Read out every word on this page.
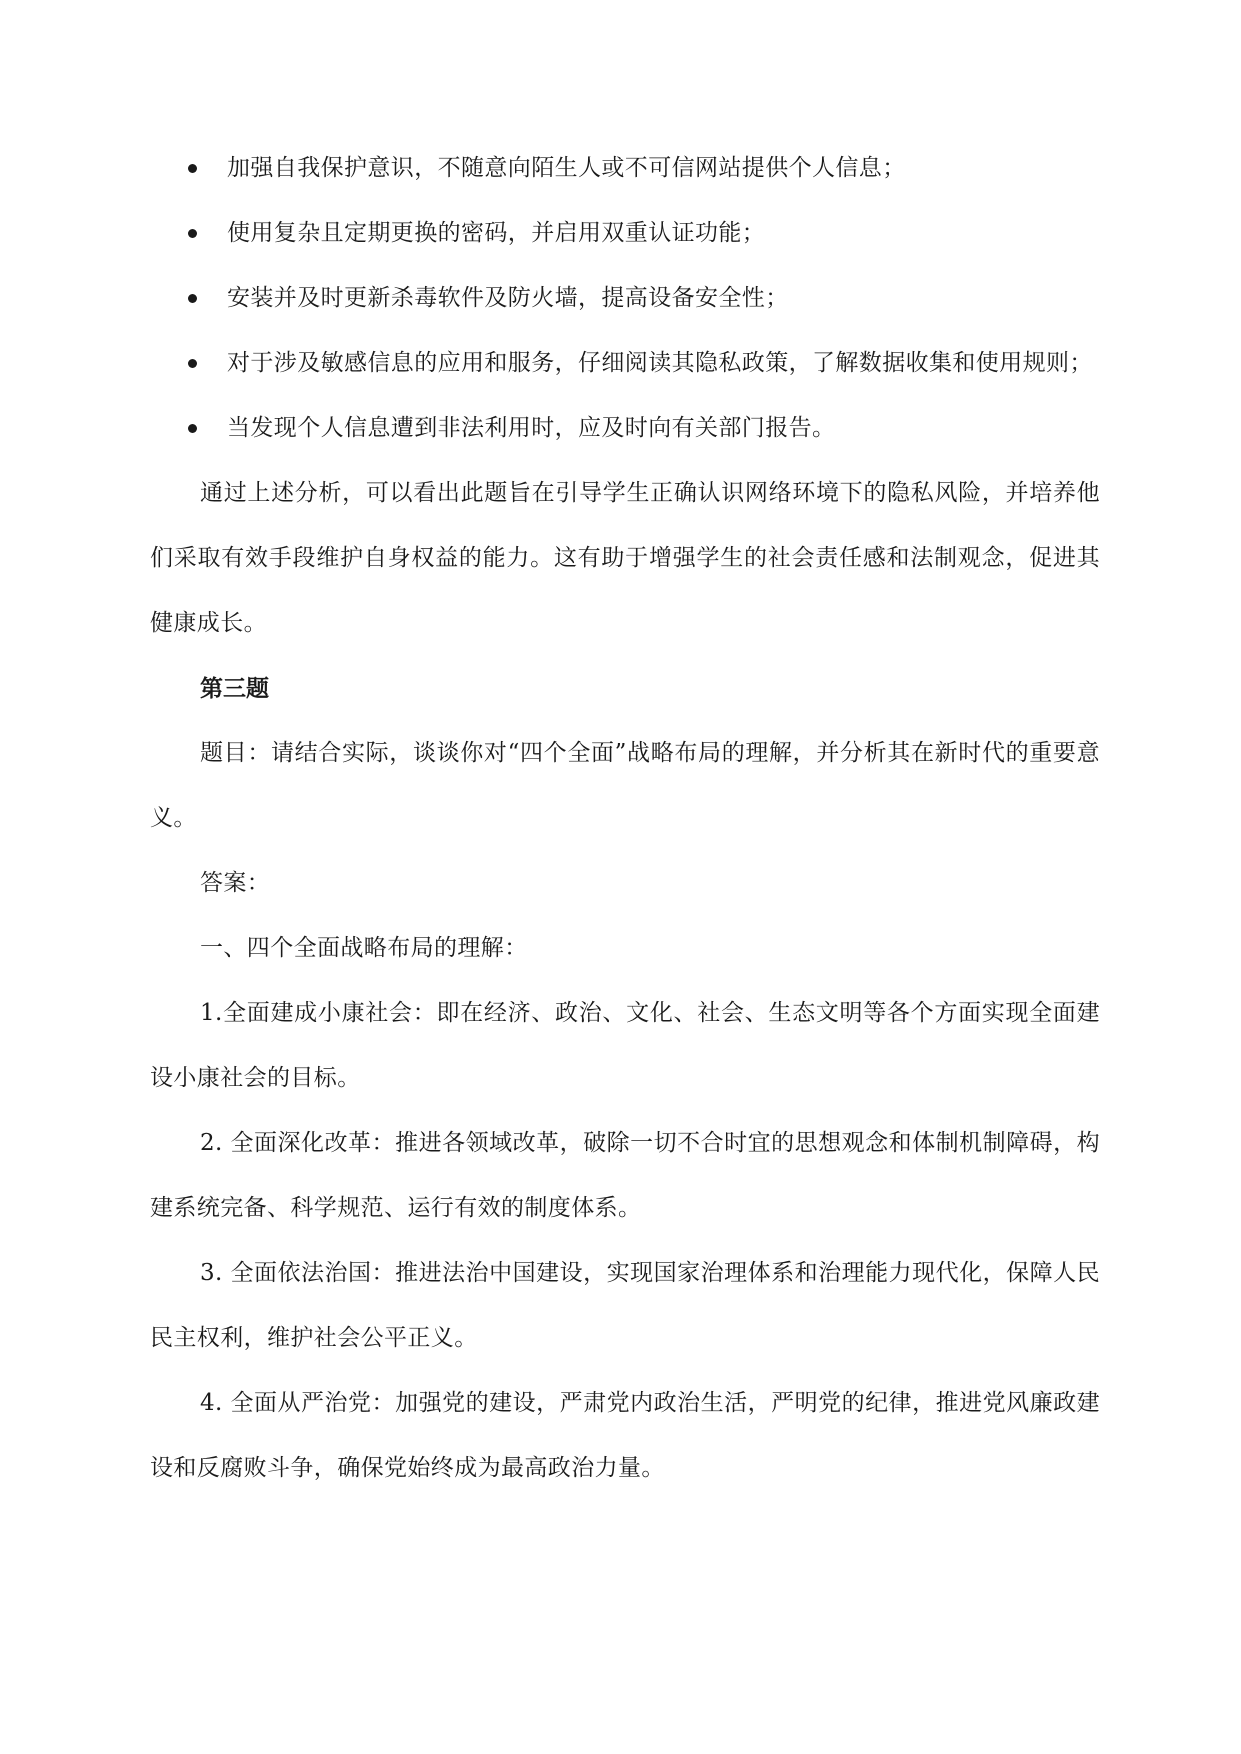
加强自我保护意识，不随意向陌生人或不可信网站提供个人信息；
使用复杂且定期更换的密码，并启用双重认证功能；
安装并及时更新杀毒软件及防火墙，提高设备安全性；
对于涉及敏感信息的应用和服务，仔细阅读其隐私政策，了解数据收集和使用规则；
当发现个人信息遭到非法利用时，应及时向有关部门报告。

通过上述分析，可以看出此题旨在引导学生正确认识网络环境下的隐私风险，并培养他们采取有效手段维护自身权益的能力。这有助于增强学生的社会责任感和法制观念，促进其健康成长。

第三题

题目：请结合实际，谈谈你对“四个全面”战略布局的理解，并分析其在新时代的重要意义。

答案：

一、四个全面战略布局的理解：

1.全面建成小康社会：即在经济、政治、文化、社会、生态文明等各个方面实现全面建设小康社会的目标。

2. 全面深化改革：推进各领域改革，破除一切不合时宜的思想观念和体制机制障碍，构建系统完备、科学规范、运行有效的制度体系。

3. 全面依法治国：推进法治中国建设，实现国家治理体系和治理能力现代化，保障人民民主权利，维护社会公平正义。

4. 全面从严治党：加强党的建设，严肃党内政治生活，严明党的纪律，推进党风廉政建设和反腐败斗争，确保党始终成为最高政治力量。
